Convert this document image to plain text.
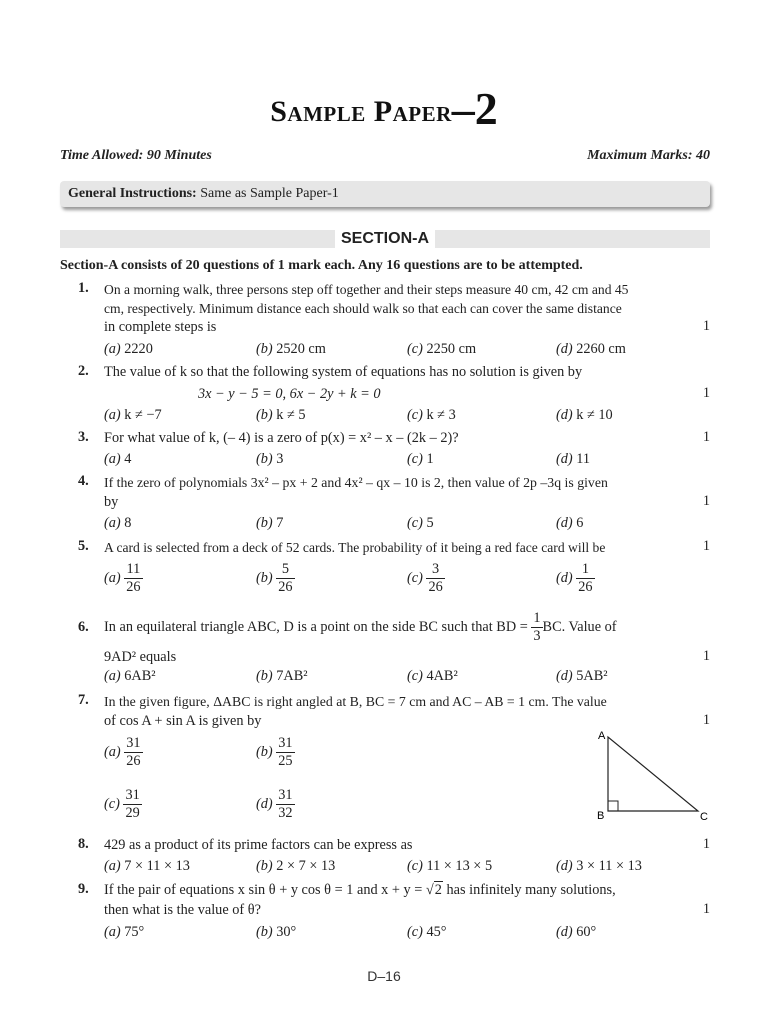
Sample Paper–2
Time Allowed: 90 Minutes	Maximum Marks: 40
General Instructions: Same as Sample Paper-1
SECTION-A
Section-A consists of 20 questions of 1 mark each. Any 16 questions are to be attempted.
1. On a morning walk, three persons step off together and their steps measure 40 cm, 42 cm and 45
cm, respectively. Minimum distance each should walk so that each can cover the same distance
in complete steps is	1
(a) 2220	(b) 2520 cm	(c) 2250 cm	(d) 2260 cm
2. The value of k so that the following system of equations has no solution is given by
3x − y − 5 = 0, 6x − 2y + k = 0	1
(a) k ≠ −7	(b) k ≠ 5	(c) k ≠ 3	(d) k ≠ 10
3. For what value of k, (– 4) is a zero of p(x) = x² – x – (2k – 2)?	1
(a) 4	(b) 3	(c) 1	(d) 11
4. If the zero of polynomials 3x² – px + 2 and 4x² – qx – 10 is 2, then value of 2p –3q is given
by	1
(a) 8	(b) 7	(c) 5	(d) 6
5. A card is selected from a deck of 52 cards. The probability of it being a red face card will be	1
$(a) \frac{11}{26}$	$(b) \frac{5}{26}$	$(c) \frac{3}{26}$	$(d) \frac{1}{26}$
6. In an equilateral triangle ABC, D is a point on the side BC such that BD = $\frac{1}{3}$ BC. Value of
9AD² equals	1
(a) 6AB²	(b) 7AB²	(c) 4AB²	(d) 5AB²
7. In the given figure, ΔABC is right angled at B, BC = 7 cm and AC – AB = 1 cm. The value
of cos A + sin A is given by	1
$(a) \frac{31}{26}$	$(b) \frac{31}{25}$
$(c) \frac{31}{29}$	$(d) \frac{31}{32}$
A
B	C
8. 429 as a product of its prime factors can be express as	1
(a) 7 × 11 × 13	(b) 2 × 7 × 13	(c) 11 × 13 × 5	(d) 3 × 11 × 13
9. If the pair of equations x sin θ + y cos θ = 1 and x + y = √2 has infinitely many solutions,
then what is the value of θ?	1
(a) 75°	(b) 30°	(c) 45°	(d) 60°
D–16
